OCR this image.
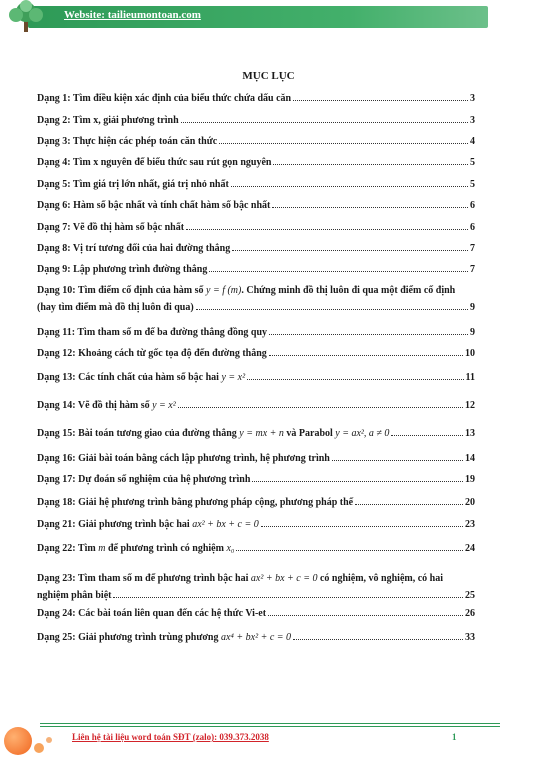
Website: tailieumontoan.com
MỤC LỤC
Dạng 1: Tìm điều kiện xác định của biểu thức chứa dấu căn	3
Dạng 2: Tìm x, giải phương trình	3
Dạng 3: Thực hiện các phép toán căn thức	4
Dạng 4: Tìm x nguyên để biểu thức sau rút gọn nguyên	5
Dạng 5: Tìm giá trị lớn nhất, giá trị nhỏ nhất	5
Dạng 6: Hàm số bậc nhất và tính chất hàm số bậc nhất	6
Dạng 7: Vẽ đồ thị hàm số bậc nhất	6
Dạng 8: Vị trí tương đối của hai đường thẳng	7
Dạng 9: Lập phương trình đường thẳng	7
Dạng 10: Tìm điểm cố định của hàm số y = f (m). Chứng minh đồ thị luôn đi qua một điểm cố định
(hay tìm điểm mà đồ thị luôn đi qua)	9
Dạng 11: Tìm tham số m để ba đường thẳng đồng quy	9
Dạng 12: Khoảng cách từ gốc tọa độ đến đường thẳng	10
Dạng 13: Các tính chất của hàm số bậc hai y = x²	11
Dạng 14: Vẽ đồ thị hàm số y = x²	12
Dạng 15: Bài toán tương giao của đường thẳng y = mx + n và Parabol y = ax², a ≠ 0	13
Dạng 16: Giải bài toán bằng cách lập phương trình, hệ phương trình	14
Dạng 17: Dự đoán số nghiệm của hệ phương trình	19
Dạng 18: Giải hệ phương trình bằng phương pháp cộng, phương pháp thế	20
Dạng 21: Giải phương trình bậc hai ax² + bx + c = 0	23
Dạng 22: Tìm m để phương trình có nghiệm x₀	24
Dạng 23: Tìm tham số m để phương trình bậc hai ax² + bx + c = 0 có nghiệm, vô nghiệm, có hai
nghiệm phân biệt	25
Dạng 24: Các bài toán liên quan đến các hệ thức Vi-et	26
Dạng 25: Giải phương trình trùng phương ax⁴ + bx² + c = 0	33
Liên hệ tài liệu word toán SĐT (zalo): 039.373.2038	1
